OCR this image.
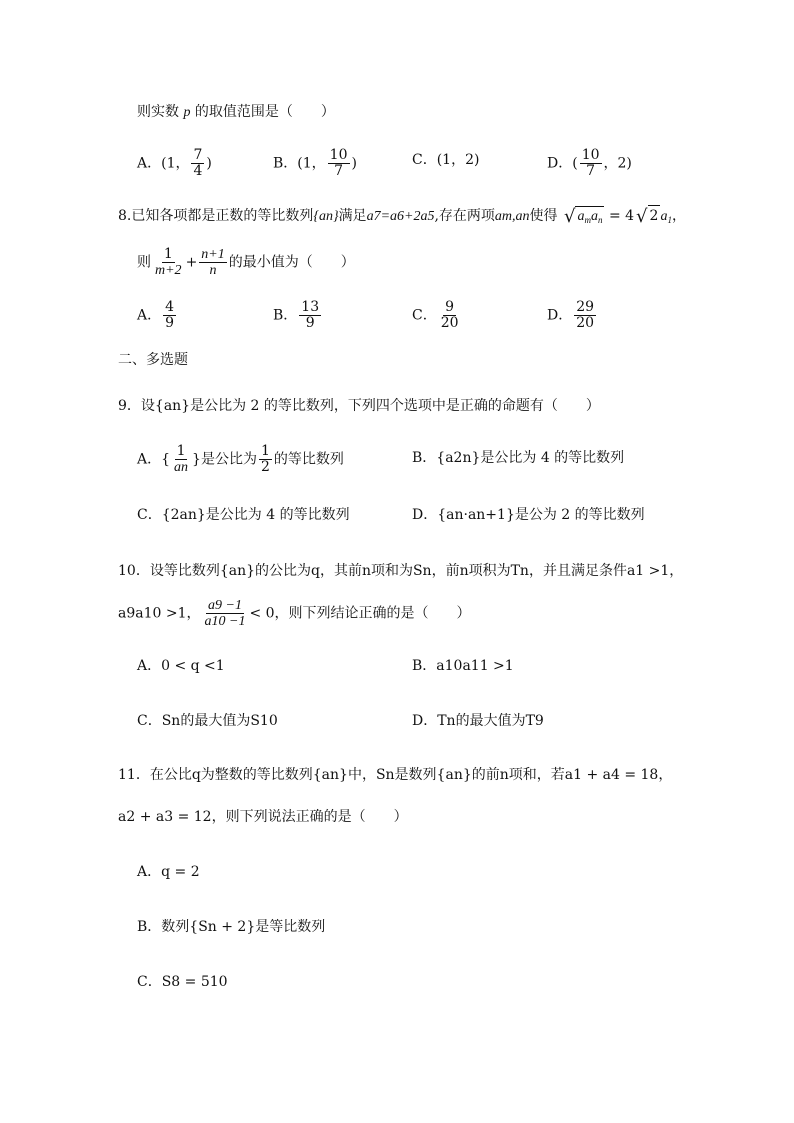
则实数 p 的取值范围是（　　）
A．(1， $\frac{7}{4}$ )	B．(1， $\frac{10}{7}$ )	C．(1，2)	D．( $\frac{10}{7}$ ，2)
8.已知各项都是正数的等比数列{an}满足a7=a6+2a5,存在两项am,an使得 √ $a_ma_n = 4$ √ 2 $a_1$，
则 $\frac{1}{m+2} + \frac{n+1}{n}$ 的最小值为（　　）
A． $\frac{4}{9}$	B． $\frac{13}{9}$	C． $\frac{9}{20}$	D． $\frac{29}{20}$
二、多选题
9．设{an}是公比为 2 的等比数列，下列四个选项中是正确的命题有（　　）
A．{ $\frac{1}{an}$ }是公比为 $\frac{1}{2}$ 的等比数列	B．{a2n}是公比为 4 的等比数列
C．{2an}是公比为 4 的等比数列	D．{an·an+1}是公为 2 的等比数列
10．设等比数列{an}的公比为q，其前n项和为Sn，前n项积为Tn，并且满足条件a1 >1，
a9a10 >1， $\frac{a9 -1}{a10 -1} < 0$，则下列结论正确的是（　　）
A．0 < q <1	B．a10a11 >1
C．Sn的最大值为S10	D．Tn的最大值为T9
11．在公比q为整数的等比数列{an}中，Sn是数列{an}的前n项和，若a1 + a4 = 18，
a2 + a3 = 12，则下列说法正确的是（　　）
A．q = 2
B．数列{Sn + 2}是等比数列
C．S8 = 510
